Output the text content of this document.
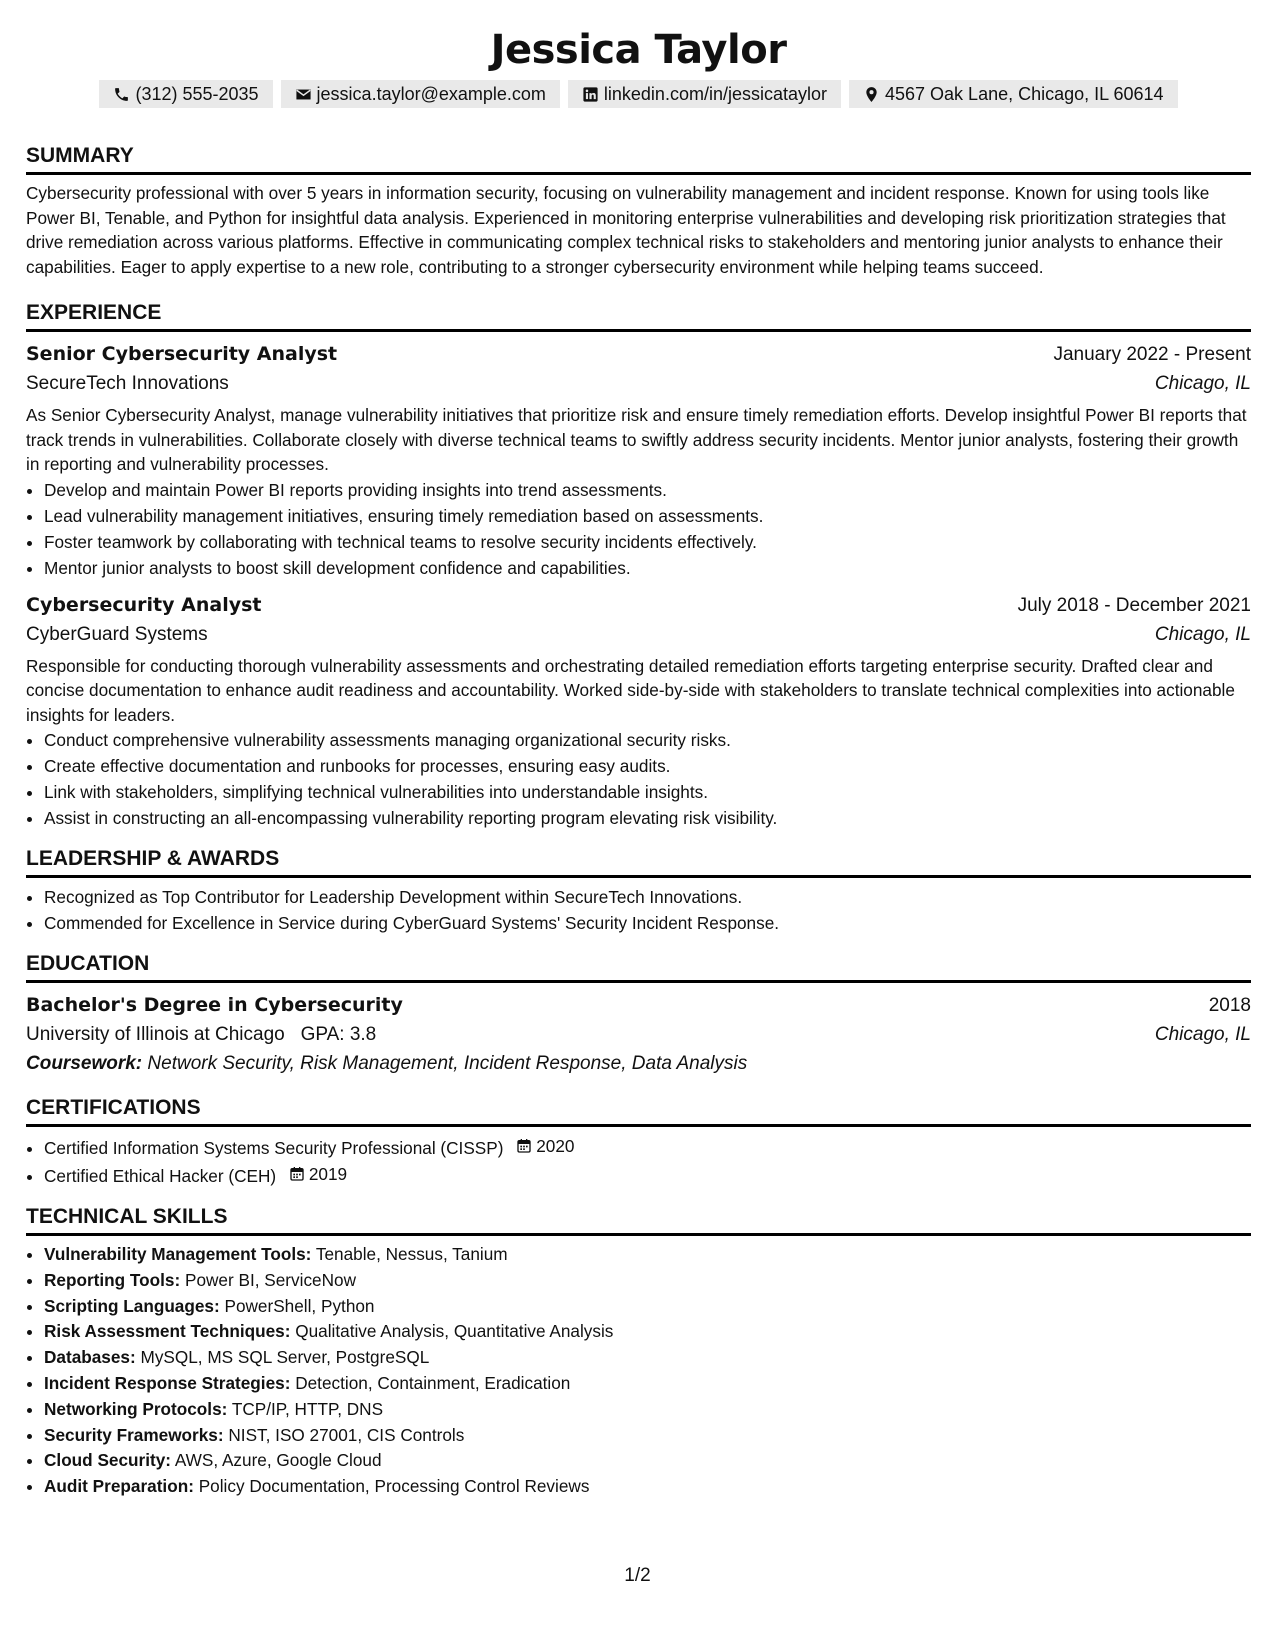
Jessica Taylor
(312) 555-2035	jessica.taylor@example.com	linkedin.com/in/jessicataylor	4567 Oak Lane, Chicago, IL 60614
SUMMARY
Cybersecurity professional with over 5 years in information security, focusing on vulnerability management and incident response. Known for using tools like Power BI, Tenable, and Python for insightful data analysis. Experienced in monitoring enterprise vulnerabilities and developing risk prioritization strategies that drive remediation across various platforms. Effective in communicating complex technical risks to stakeholders and mentoring junior analysts to enhance their capabilities. Eager to apply expertise to a new role, contributing to a stronger cybersecurity environment while helping teams succeed.
EXPERIENCE
Senior Cybersecurity Analyst	January 2022 - Present
SecureTech Innovations	Chicago, IL
As Senior Cybersecurity Analyst, manage vulnerability initiatives that prioritize risk and ensure timely remediation efforts. Develop insightful Power BI reports that track trends in vulnerabilities. Collaborate closely with diverse technical teams to swiftly address security incidents. Mentor junior analysts, fostering their growth in reporting and vulnerability processes.
• Develop and maintain Power BI reports providing insights into trend assessments.
• Lead vulnerability management initiatives, ensuring timely remediation based on assessments.
• Foster teamwork by collaborating with technical teams to resolve security incidents effectively.
• Mentor junior analysts to boost skill development confidence and capabilities.
Cybersecurity Analyst	July 2018 - December 2021
CyberGuard Systems	Chicago, IL
Responsible for conducting thorough vulnerability assessments and orchestrating detailed remediation efforts targeting enterprise security. Drafted clear and concise documentation to enhance audit readiness and accountability. Worked side-by-side with stakeholders to translate technical complexities into actionable insights for leaders.
• Conduct comprehensive vulnerability assessments managing organizational security risks.
• Create effective documentation and runbooks for processes, ensuring easy audits.
• Link with stakeholders, simplifying technical vulnerabilities into understandable insights.
• Assist in constructing an all-encompassing vulnerability reporting program elevating risk visibility.
LEADERSHIP & AWARDS
• Recognized as Top Contributor for Leadership Development within SecureTech Innovations.
• Commended for Excellence in Service during CyberGuard Systems' Security Incident Response.
EDUCATION
Bachelor's Degree in Cybersecurity	2018
University of Illinois at Chicago GPA: 3.8	Chicago, IL
Coursework: Network Security, Risk Management, Incident Response, Data Analysis
CERTIFICATIONS
• Certified Information Systems Security Professional (CISSP) 2020
• Certified Ethical Hacker (CEH) 2019
TECHNICAL SKILLS
• Vulnerability Management Tools: Tenable, Nessus, Tanium
• Reporting Tools: Power BI, ServiceNow
• Scripting Languages: PowerShell, Python
• Risk Assessment Techniques: Qualitative Analysis, Quantitative Analysis
• Databases: MySQL, MS SQL Server, PostgreSQL
• Incident Response Strategies: Detection, Containment, Eradication
• Networking Protocols: TCP/IP, HTTP, DNS
• Security Frameworks: NIST, ISO 27001, CIS Controls
• Cloud Security: AWS, Azure, Google Cloud
• Audit Preparation: Policy Documentation, Processing Control Reviews
1/2
